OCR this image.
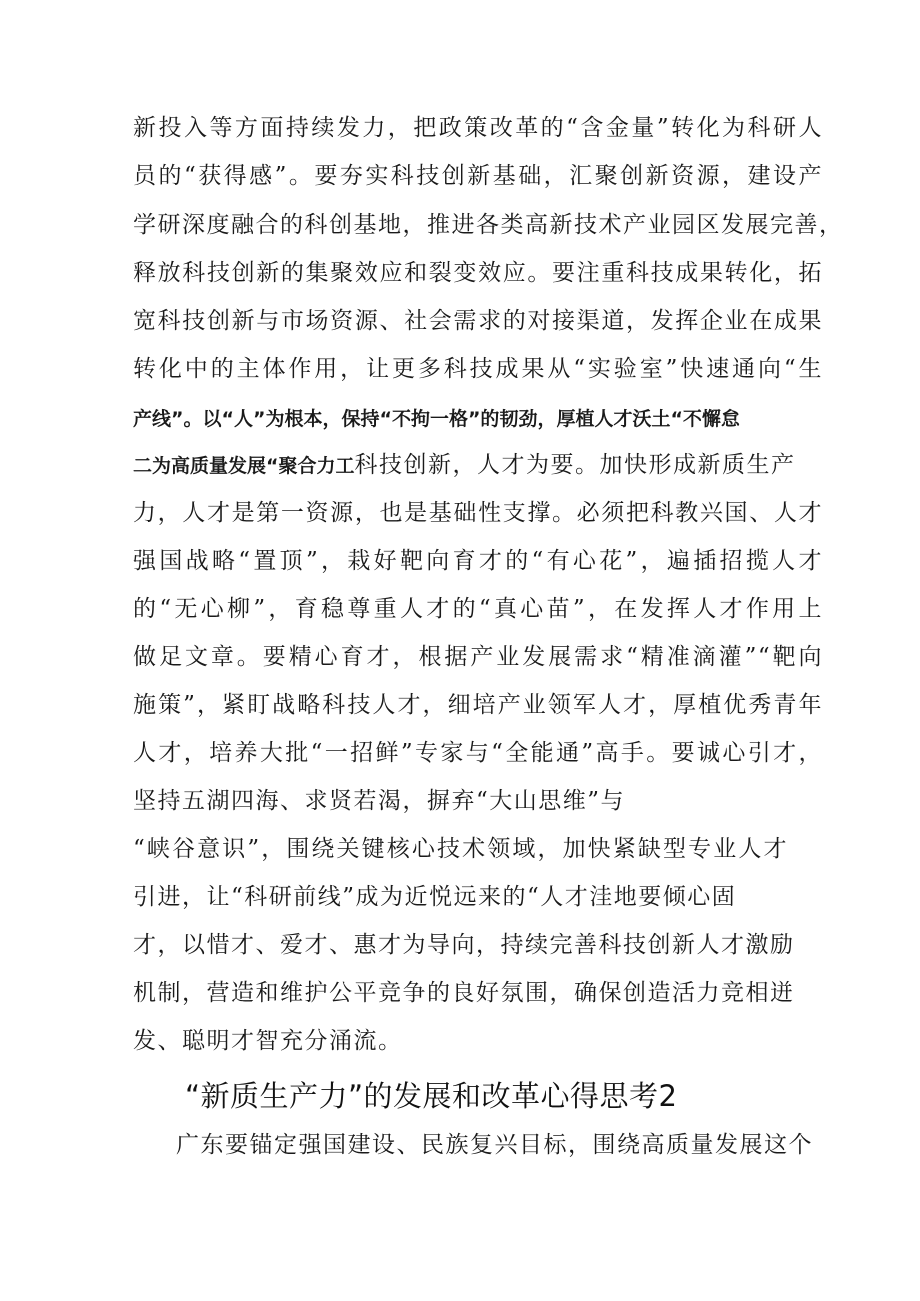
新投入等方面持续发力，把政策改革的“含金量”转化为科研人
员的“获得感”。要夯实科技创新基础，汇聚创新资源，建设产
学研深度融合的科创基地，推进各类高新技术产业园区发展完善，
释放科技创新的集聚效应和裂变效应。要注重科技成果转化，拓
宽科技创新与市场资源、社会需求的对接渠道，发挥企业在成果
转化中的主体作用，让更多科技成果从“实验室”快速通向“生
产线”。以“人”为根本，保持“不拘一格”的韧劲，厚植人才沃土“不懈怠
二为高质量发展“聚合力工科技创新，人才为要。加快形成新质生产
力，人才是第一资源，也是基础性支撑。必须把科教兴国、人才
强国战略“置顶”，栽好靶向育才的“有心花”，遍插招揽人才
的“无心柳”，育稳尊重人才的“真心苗”，在发挥人才作用上
做足文章。要精心育才，根据产业发展需求“精准滴灌”“靶向
施策”，紧盯战略科技人才，细培产业领军人才，厚植优秀青年
人才，培养大批“一招鲜”专家与“全能通”高手。要诚心引才，
坚持五湖四海、求贤若渴，摒弃“大山思维”与
“峡谷意识”，围绕关键核心技术领域，加快紧缺型专业人才
引进，让“科研前线”成为近悦远来的“人才洼地要倾心固
才，以惜才、爱才、惠才为导向，持续完善科技创新人才激励
机制，营造和维护公平竞争的良好氛围，确保创造活力竞相迸
发、聪明才智充分涌流。
“新质生产力”的发展和改革心得思考2
广东要锚定强国建设、民族复兴目标，围绕高质量发展这个
